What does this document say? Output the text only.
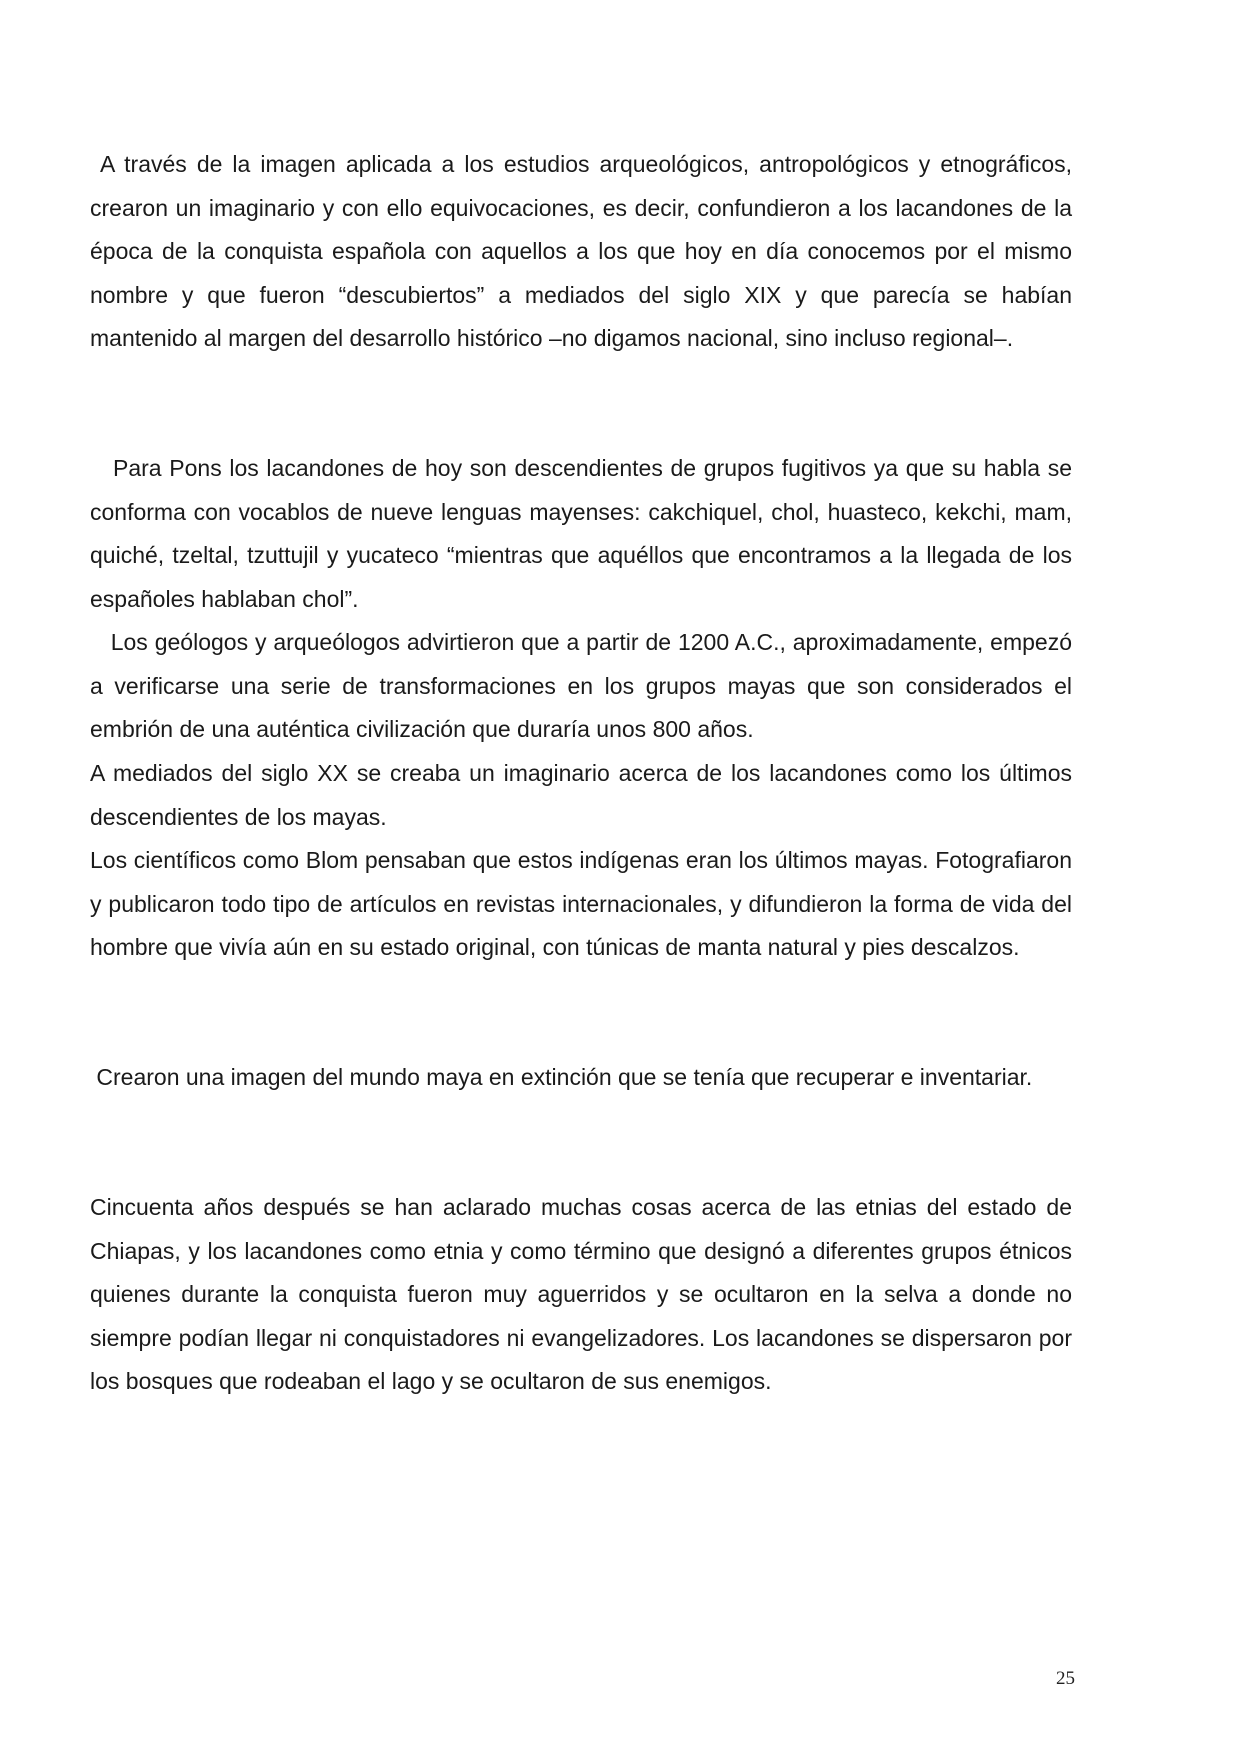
A través de la imagen aplicada a los estudios arqueológicos, antropológicos y etnográficos, crearon un imaginario y con ello equivocaciones, es decir, confundieron a los lacandones de la época de la conquista española con aquellos a los que hoy en día conocemos por el mismo nombre y que fueron “descubiertos” a mediados del siglo XIX y que parecía se habían mantenido al margen del desarrollo histórico –no digamos nacional, sino incluso regional–.

Para Pons los lacandones de hoy son descendientes de grupos fugitivos ya que su habla se conforma con vocablos de nueve lenguas mayenses: cakchiquel, chol, huasteco, kekchi, mam, quiché, tzeltal, tzuttujil y yucateco “mientras que aquéllos que encontramos a la llegada de los españoles hablaban chol”.

Los geólogos y arqueólogos advirtieron que a partir de 1200 A.C., aproximadamente, empezó a verificarse una serie de transformaciones en los grupos mayas que son considerados el embrión de una auténtica civilización que duraría unos 800 años.

A mediados del siglo XX se creaba un imaginario acerca de los lacandones como los últimos descendientes de los mayas.

Los científicos como Blom pensaban que estos indígenas eran los últimos mayas. Fotografiaron y publicaron todo tipo de artículos en revistas internacionales, y difundieron la forma de vida del hombre que vivía aún en su estado original, con túnicas de manta natural y pies descalzos.

Crearon una imagen del mundo maya en extinción que se tenía que recuperar e inventariar.

Cincuenta años después se han aclarado muchas cosas acerca de las etnias del estado de Chiapas, y los lacandones como etnia y como término que designó a diferentes grupos étnicos quienes durante la conquista fueron muy aguerridos y se ocultaron en la selva a donde no siempre podían llegar ni conquistadores ni evangelizadores. Los lacandones se dispersaron por los bosques que rodeaban el lago y se ocultaron de sus enemigos.

25
